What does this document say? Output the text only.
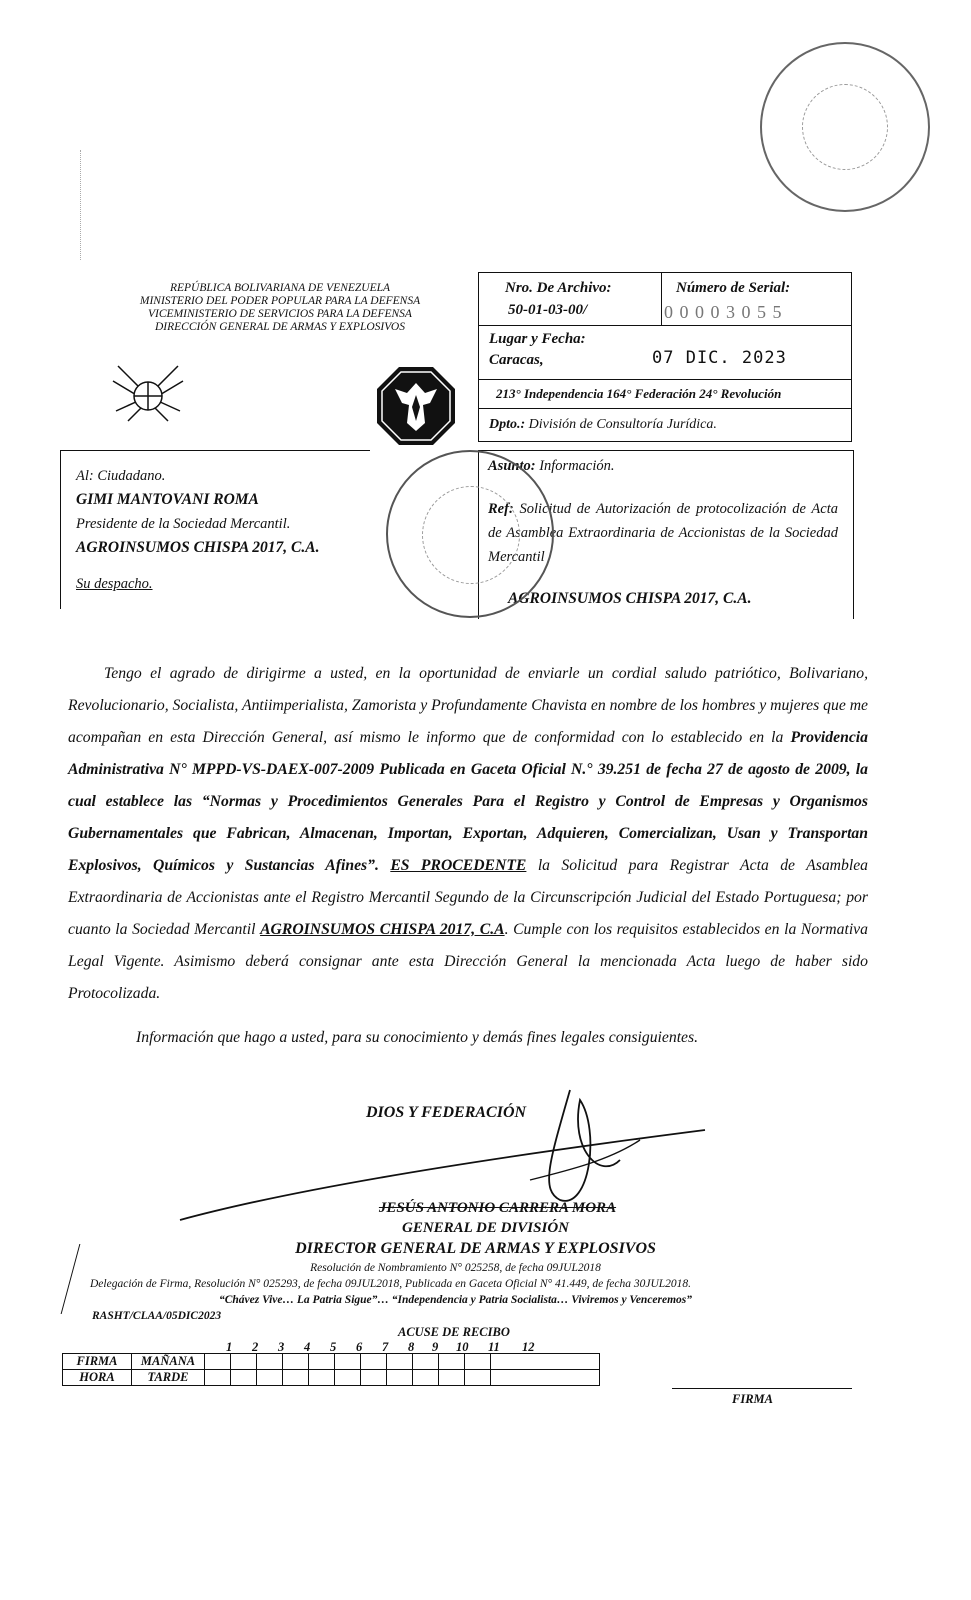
REPÚBLICA BOLIVARIANA DE VENEZUELA
MINISTERIO DEL PODER POPULAR PARA LA DEFENSA
VICEMINISTERIO DE SERVICIOS PARA LA DEFENSA
DIRECCIÓN GENERAL DE ARMAS Y EXPLOSIVOS
Nro. De Archivo:
50-01-03-00/
Número de Serial:
0 0 0 0 3 0 5 5
Lugar y Fecha:
Caracas,	07 DIC. 2023
213° Independencia 164° Federación 24° Revolución
Dpto.: División de Consultoría Jurídica.
Al: Ciudadano.
GIMI MANTOVANI ROMA
Presidente de la Sociedad Mercantil.
AGROINSUMOS CHISPA 2017, C.A.
Su despacho.
Asunto: Información.
Ref: Solicitud de Autorización de protocolización de Acta de Asamblea Extraordinaria de Accionistas de la Sociedad Mercantil
AGROINSUMOS CHISPA 2017, C.A.

Tengo el agrado de dirigirme a usted, en la oportunidad de enviarle un cordial saludo patriótico, Bolivariano, Revolucionario, Socialista, Antiimperialista, Zamorista y Profundamente Chavista en nombre de los hombres y mujeres que me acompañan en esta Dirección General, así mismo le informo que de conformidad con lo establecido en la Providencia Administrativa N° MPPD-VS-DAEX-007-2009 Publicada en Gaceta Oficial N.° 39.251 de fecha 27 de agosto de 2009, la cual establece las “Normas y Procedimientos Generales Para el Registro y Control de Empresas y Organismos Gubernamentales que Fabrican, Almacenan, Importan, Exportan, Adquieren, Comercializan, Usan y Transportan Explosivos, Químicos y Sustancias Afines”. ES PROCEDENTE la Solicitud para Registrar Acta de Asamblea Extraordinaria de Accionistas ante el Registro Mercantil Segundo de la Circunscripción Judicial del Estado Portuguesa; por cuanto la Sociedad Mercantil AGROINSUMOS CHISPA 2017, C.A. Cumple con los requisitos establecidos en la Normativa Legal Vigente. Asimismo deberá consignar ante esta Dirección General la mencionada Acta luego de haber sido Protocolizada.

Información que hago a usted, para su conocimiento y demás fines legales consiguientes.

DIOS Y FEDERACIÓN
JESÚS ANTONIO CARRERA MORA
GENERAL DE DIVISIÓN
DIRECTOR GENERAL DE ARMAS Y EXPLOSIVOS
Resolución de Nombramiento N° 025258, de fecha 09JUL2018
Delegación de Firma, Resolución N° 025293, de fecha 09JUL2018, Publicada en Gaceta Oficial N° 41.449, de fecha 30JUL2018.
“Chávez Vive… La Patria Sigue”… “Independencia y Patria Socialista… Viviremos y Venceremos”
RASHT/CLAA/05DIC2023
ACUSE DE RECIBO
1 2 3 4 5 6 7 8 9 10 11 12
FIRMA	MAÑANA												
HORA	TARDE												
FIRMA
